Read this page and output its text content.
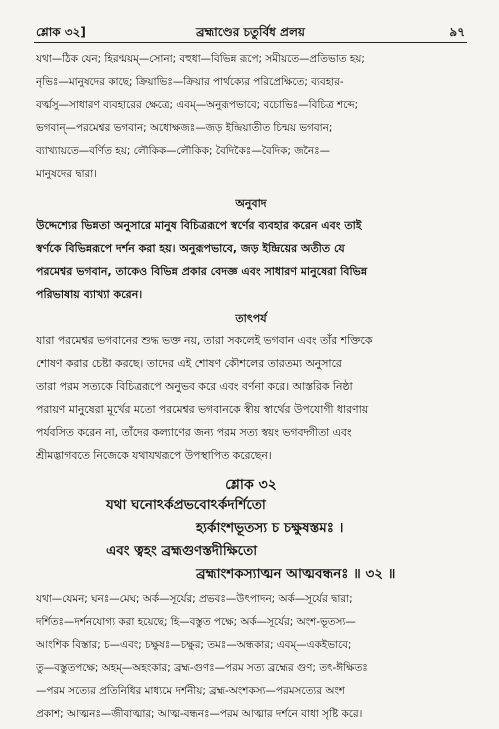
শ্লোক ৩২]	ব্রহ্মাণ্ডের চতুর্বিধ প্রলয়	৯৭
যথা—ঠিক যেন; হিরণ্ময়ম্—সোনা; বহুধা—বিভিন্ন রূপে; সমীয়তে—প্রতিভাত হয়;
নৃভিঃ—মানুষদের কাছে; ক্রিয়াভিঃ—ক্রিয়ার পার্থক্যের পরিপ্রেক্ষিতে; ব্যবহার-
বর্ত্মসু—সাধারণ ব্যবহারের ক্ষেত্রে; এবম্—অনুরূপভাবে; বচোভিঃ—বিচিত্র শব্দে;
ভগবান্—পরমেশ্বর ভগবান; অধোক্ষজঃ—জড় ইন্দ্রিয়াতীত চিন্ময় ভগবান;
ব্যাখ্যায়তে—বর্ণিত হয়; লৌকিক—লৌকিক; বৈদিকৈঃ—বৈদিক; জনৈঃ—
মানুষদের দ্বারা।
অনুবাদ
উদ্দেশ্যের ভিন্নতা অনুসারে মানুষ বিচিত্ররূপে স্বর্ণের ব্যবহার করেন এবং তাই
স্বর্ণকে বিভিন্নরূপে দর্শন করা হয়। অনুরূপভাবে, জড় ইন্দ্রিয়ের অতীত যে
পরমেশ্বর ভগবান, তাকেও বিভিন্ন প্রকার বেদজ্ঞ এবং সাধারণ মানুষেরা বিভিন্ন
পরিভাষায় ব্যাখ্যা করেন।
তাৎপর্য
যারা পরমেশ্বর ভগবানের শুদ্ধ ভক্ত নয়, তারা সকলেই ভগবান এবং তাঁর শক্তিকে
শোষণ করার চেষ্টা করছে। তাদের এই শোষণ কৌশলের তারতম্য অনুসারে
তারা পরম সত্যকে বিচিত্ররূপে অনুভব করে এবং বর্ণনা করে। আস্তরিক নিষ্ঠা
পরায়ণ মানুষেরা মূর্খের মতো পরমেশ্বর ভগবানকে স্বীয় স্বার্থের উপযোগী ধারণায়
পর্যবসিত করেন না, তাঁদের কল্যাণের জন্য পরম সত্য স্বয়ং ভগবদ্গীতা এবং
শ্রীমদ্ভাগবতে নিজেকে যথাযথরূপে উপস্থাপিত করেছেন।
শ্লোক ৩২
যথা ঘনোঽর্কপ্রভবোঽর্কদর্শিতো
হ্যর্কাংশভূতস্য চ চক্ষুষস্তমঃ ।
এবং ত্বহং ব্রহ্মগুণস্তদীক্ষিতো
ব্রহ্মাংশকস্যাত্মন আত্মবন্ধনঃ ॥ ৩২ ॥
যথা—যেমন; ঘনঃ—মেঘ; অর্ক—সূর্যের; প্রভবঃ—উৎপাদন; অর্ক—সূর্যের দ্বারা;
দর্শিতঃ—দর্শনযোগ্য করা হয়েছে; হি—বস্তুত পক্ষে; অর্ক—সূর্যের; অংশ-ভূতস্য—
আংশিক বিস্তার; চ—এবং; চক্ষুষঃ—চক্ষুর; তমঃ—অন্ধকার; এবম্—একইভাবে;
তু—বস্তুতপক্ষে; অহম্—অহংকার; ব্রহ্ম-গুণঃ—পরম সত্য ব্রহ্মের গুণ; তৎ-ঈক্ষিতঃ
—পরম সত্যের প্রতিনিধির মাধ্যমে দর্শনীয়; ব্রহ্ম-অংশকস্য—পরমসত্যের অংশ
প্রকাশ; আত্মনঃ—জীবাত্মার; আত্ম-বন্ধনঃ—পরম আত্মার দর্শনে বাধা সৃষ্টি করে।
